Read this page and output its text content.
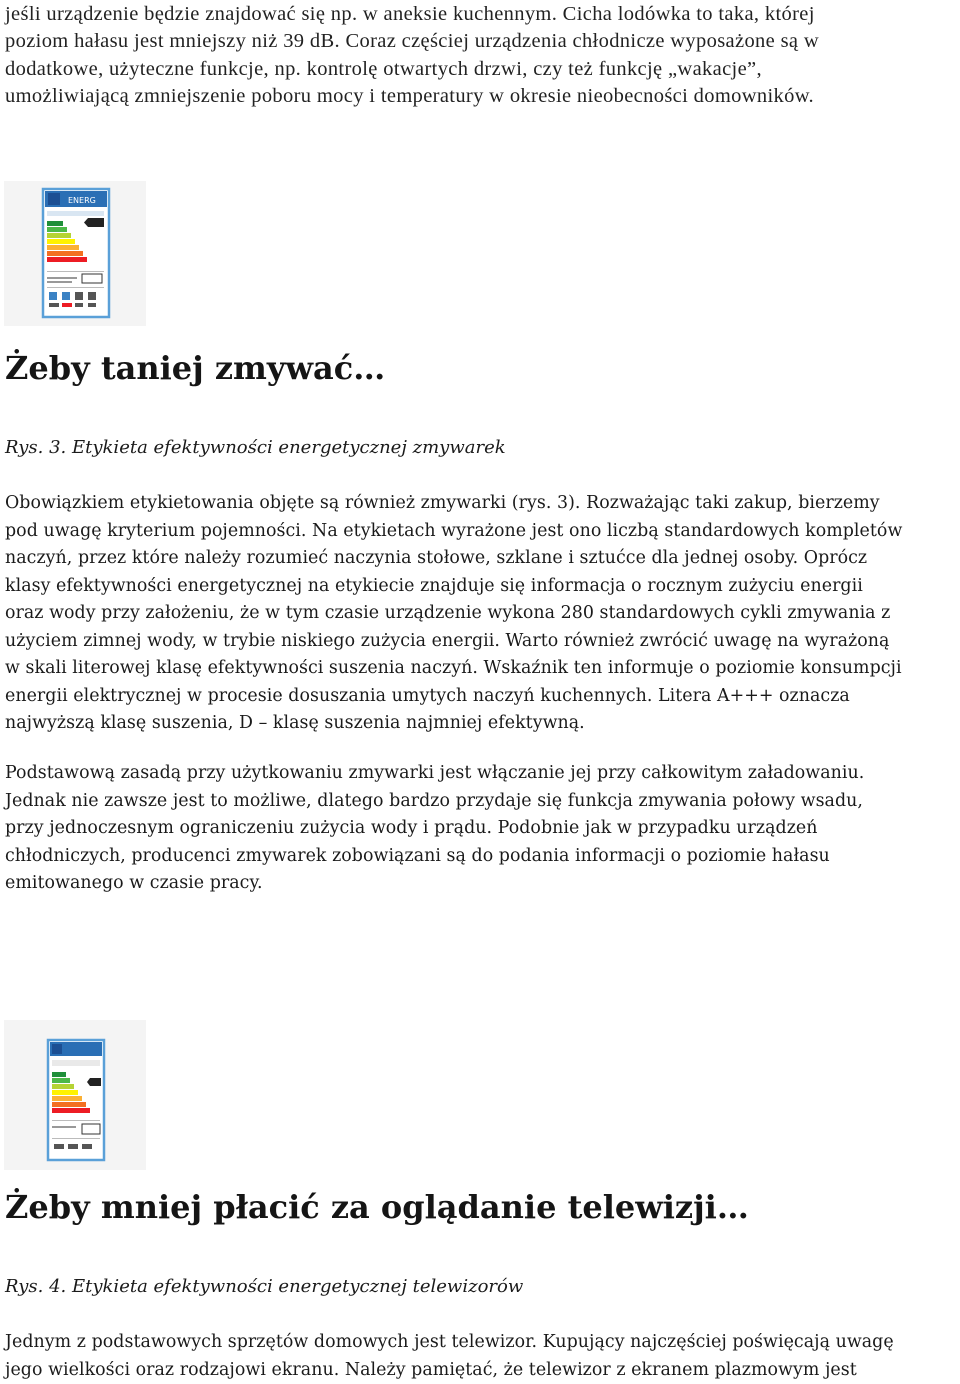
jeśli urządzenie będzie znajdować się np. w aneksie kuchennym. Cicha lodówka to taka, której
poziom hałasu jest mniejszy niż 39 dB. Coraz częściej urządzenia chłodnicze wyposażone są w
dodatkowe, użyteczne funkcje, np. kontrolę otwartych drzwi, czy też funkcję „wakacje”,
umożliwiającą zmniejszenie poboru mocy i temperatury w okresie nieobecności domowników.

ENERG
Żeby taniej zmywać…

Rys. 3. Etykieta efektywności energetycznej zmywarek

Obowiązkiem etykietowania objęte są również zmywarki (rys. 3). Rozważając taki zakup, bierzemy
pod uwagę kryterium pojemności. Na etykietach wyrażone jest ono liczbą standardowych kompletów
naczyń, przez które należy rozumieć naczynia stołowe, szklane i sztućce dla jednej osoby. Oprócz
klasy efektywności energetycznej na etykiecie znajduje się informacja o rocznym zużyciu energii
oraz wody przy założeniu, że w tym czasie urządzenie wykona 280 standardowych cykli zmywania z
użyciem zimnej wody, w trybie niskiego zużycia energii. Warto również zwrócić uwagę na wyrażoną
w skali literowej klasę efektywności suszenia naczyń. Wskaźnik ten informuje o poziomie konsumpcji
energii elektrycznej w procesie dosuszania umytych naczyń kuchennych. Litera A+++ oznacza
najwyższą klasę suszenia, D – klasę suszenia najmniej efektywną.

Podstawową zasadą przy użytkowaniu zmywarki jest włączanie jej przy całkowitym załadowaniu.
Jednak nie zawsze jest to możliwe, dlatego bardzo przydaje się funkcja zmywania połowy wsadu,
przy jednoczesnym ograniczeniu zużycia wody i prądu. Podobnie jak w przypadku urządzeń
chłodniczych, producenci zmywarek zobowiązani są do podania informacji o poziomie hałasu
emitowanego w czasie pracy.

Żeby mniej płacić za oglądanie telewizji…

Rys. 4. Etykieta efektywności energetycznej telewizorów

Jednym z podstawowych sprzętów domowych jest telewizor. Kupujący najczęściej poświęcają uwagę
jego wielkości oraz rodzajowi ekranu. Należy pamiętać, że telewizor z ekranem plazmowym jest
